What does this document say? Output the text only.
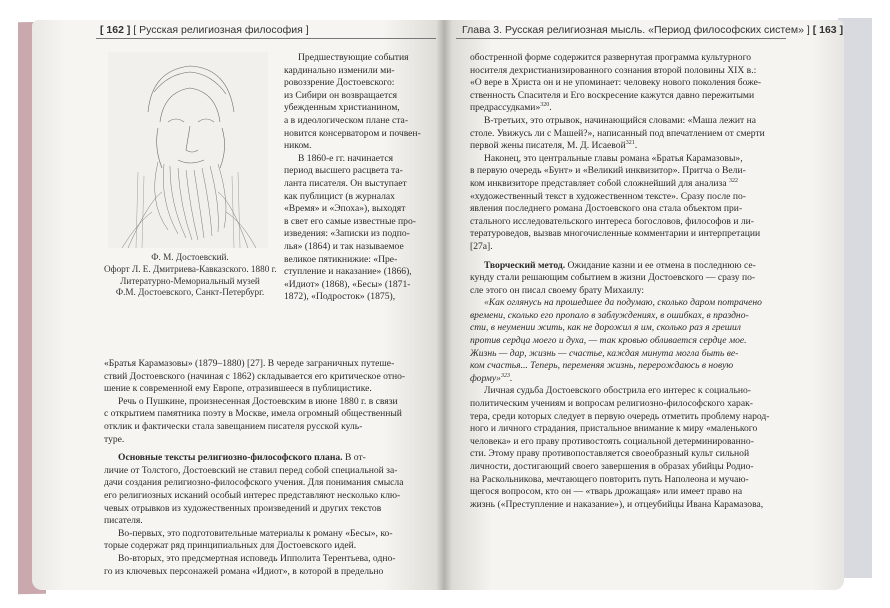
[ 162 ] [ Русская религиозная философия ]
Ф. М. Достоевский.
Офорт Л. Е. Дмитриева-Кавказского. 1880 г.
Литературно-Мемориальный музей
Ф.М. Достоевского, Санкт-Петербург.
Предшествующие события
кардинально изменили ми-
ровоззрение Достоевского:
из Сибири он возвращается
убежденным христианином,
а в идеологическом плане ста-
новится консерватором и почвен-
ником.
В 1860-е гг. начинается
период высшего расцвета та-
ланта писателя. Он выступает
как публицист (в журналах
«Время» и «Эпоха»), выходят
в свет его самые известные про-
изведения: «Записки из подпо-
лья» (1864) и так называемое
великое пятикнижие: «Пре-
ступление и наказание» (1866),
«Идиот» (1868), «Бесы» (1871-
1872), «Подросток» (1875),
«Братья Карамазовы» (1879–1880) [27]. В череде заграничных путеше-
ствий Достоевского (начиная с 1862) складывается его критическое отно-
шение к современной ему Европе, отразившееся в публицистике.
Речь о Пушкине, произнесенная Достоевским в июне 1880 г. в связи
с открытием памятника поэту в Москве, имела огромный общественный
отклик и фактически стала завещанием писателя русской куль-
туре.
Основные тексты религиозно-философского плана. В от-
личие от Толстого, Достоевский не ставил перед собой специальной за-
дачи создания религиозно-философского учения. Для понимания смысла
его религиозных исканий особый интерес представляют несколько клю-
чевых отрывков из художественных произведений и других текстов
писателя.
Во-первых, это подготовительные материалы к роману «Бесы», ко-
торые содержат ряд принципиальных для Достоевского идей.
Во-вторых, это предсмертная исповедь Ипполита Терентьева, одно-
го из ключевых персонажей романа «Идиот», в которой в предельно
Глава 3. Русская религиозная мысль. «Период философских систем» ] [ 163 ]
обостренной форме содержится развернутая программа культурного
носителя дехристианизированного сознания второй половины XIX в.:
«О вере в Христа он и не упоминает: человеку нового поколения боже-
ственность Спасителя и Его воскресение кажутся давно пережитыми
предрассудками»$^{320}$.
В-третьих, это отрывок, начинающийся словами: «Маша лежит на
столе. Увижусь ли с Машей?», написанный под впечатлением от смерти
первой жены писателя, М. Д. Исаевой$^{321}$.
Наконец, это центральные главы романа «Братья Карамазовы»,
в первую очередь «Бунт» и «Великий инквизитор». Притча о Вели-
ком инквизиторе представляет собой сложнейший для анализа $^{322}$
«художественный текст в художественном тексте». Сразу после по-
явления последнего романа Достоевского она стала объектом при-
стального исследовательского интереса богословов, философов и ли-
тературоведов, вызвав многочисленные комментарии и интерпретации
[27а].
Творческий метод. Ожидание казни и ее отмена в последнюю се-
кунду стали решающим событием в жизни Достоевского — сразу по-
сле этого он писал своему брату Михаилу:
«Как оглянусь на прошедшее да подумаю, сколько даром потрачено
времени, сколько его пропало в заблуждениях, в ошибках, в праздно-
сти, в неумении жить, как не дорожил я им, сколько раз я грешил
против сердца моего и духа, — так кровью обливается сердце мое.
Жизнь — дар, жизнь — счастье, каждая минута могла быть ве-
ком счастья... Теперь, переменяя жизнь, перерождаюсь в новую
форму»$^{323}$.
Личная судьба Достоевского обострила его интерес к социально-
политическим учениям и вопросам религиозно-философского харак-
тера, среди которых следует в первую очередь отметить проблему народ-
ного и личного страдания, пристальное внимание к миру «маленького
человека» и его праву противостоять социальной детерминированно-
сти. Этому праву противопоставляется своеобразный культ сильной
личности, достигающий своего завершения в образах убийцы Родио-
на Раскольникова, мечтающего повторить путь Наполеона и мучаю-
щегося вопросом, кто он — «тварь дрожащая» или имеет право на
жизнь («Преступление и наказание»), и отцеубийцы Ивана Карамазова,
